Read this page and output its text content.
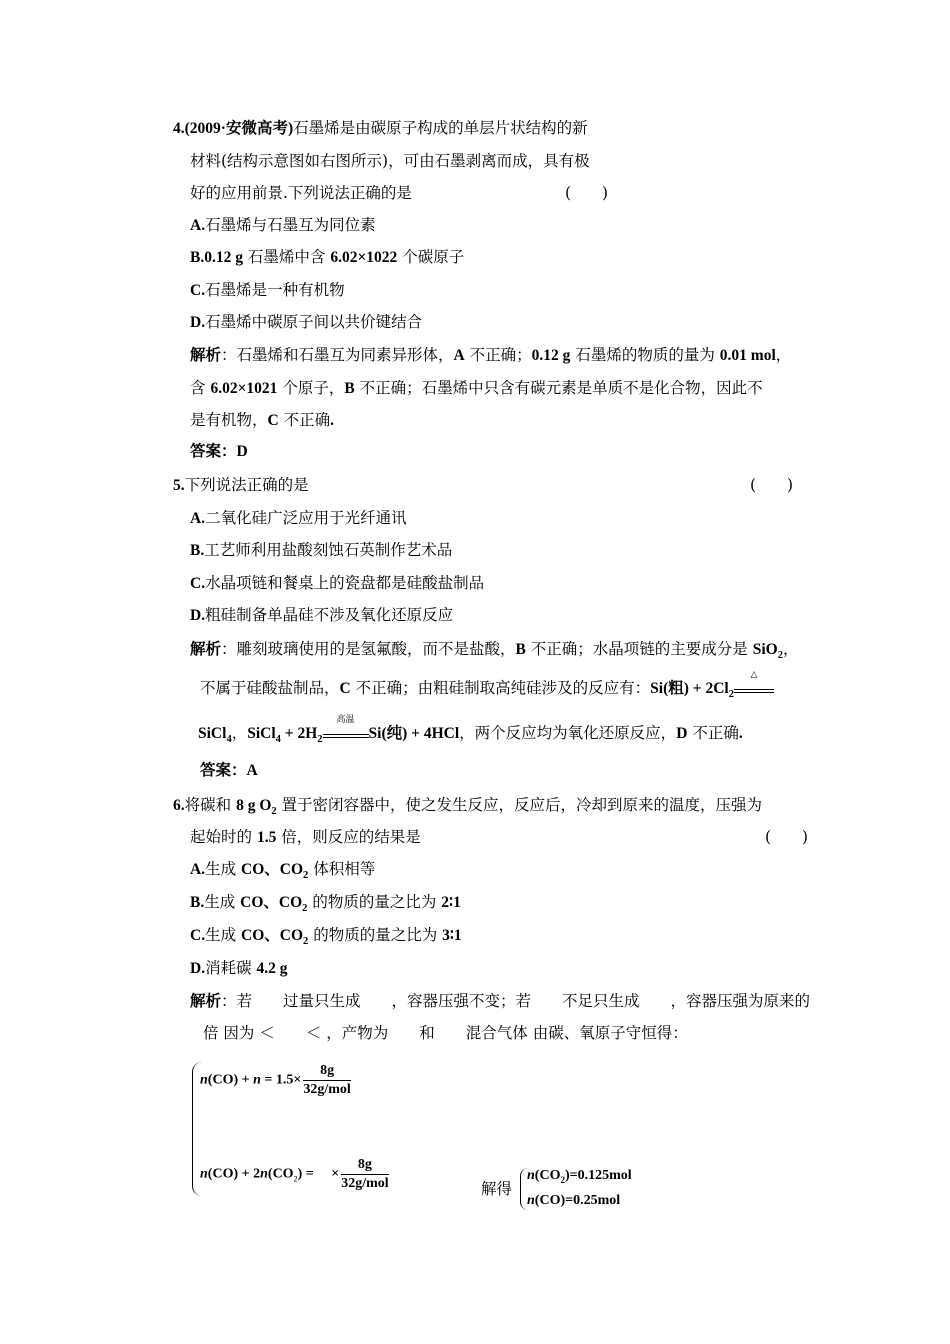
4.(2009·安微高考)石墨烯是由碳原子构成的单层片状结构的新
材料(结构示意图如右图所示)，可由石墨剥离而成，具有极
好的应用前景.下列说法正确的是	(　　)
A.石墨烯与石墨互为同位素
B.0.12 g 石墨烯中含 6.02×1022 个碳原子
C.石墨烯是一种有机物
D.石墨烯中碳原子间以共价键结合
解析：石墨烯和石墨互为同素异形体，A 不正确；0.12 g 石墨烯的物质的量为 0.01 mol，
含 6.02×1021 个原子，B 不正确；石墨烯中只含有碳元素是单质不是化合物，因此不
是有机物，C 不正确.
答案：D
5.下列说法正确的是	(　　)
A.二氧化硅广泛应用于光纤通讯
B.工艺师利用盐酸刻蚀石英制作艺术品
C.水晶项链和餐桌上的瓷盘都是硅酸盐制品
D.粗硅制备单晶硅不涉及氧化还原反应
解析：雕刻玻璃使用的是氢氟酸，而不是盐酸，B 不正确；水晶项链的主要成分是 SiO$_2$，
不属于硅酸盐制品，C 不正确；由粗硅制取高纯硅涉及的反应有：Si(粗) + $2Cl_2$
△
SiCl$_4$，SiCl$_4$ + $2H_2$
高温
Si(纯) + 4HCl，两个反应均为氧化还原反应，D 不正确.
答案：A
6.将碳和 8 g $O_2$ 置于密闭容器中，使之发生反应，反应后，冷却到原来的温度，压强为
起始时的 1.5 倍，则反应的结果是	(　　)
A.生成 CO、$CO_2$ 体积相等
B.生成 CO、$CO_2$ 的物质的量之比为 2∶1
C.生成 CO、$CO_2$ 的物质的量之比为 3∶1
D.消耗碳 4.2 g
解析：若　　过量只生成　　，容器压强不变；若　　不足只生成　　，容器压强为原来的
倍 因为 ＜　　＜ ，产物为　　和　　混合气体 由碳、氧原子守恒得：
$n(CO) + n = 1.5\times \frac{8g}{\text{32g/mol}}$
$n(CO) + 2n(CO_2)$ =　 × $\frac{8g}{\text{32g/mol}}$	解得
$n(CO_2)=0.125mol$
n(CO)=0.25mol
